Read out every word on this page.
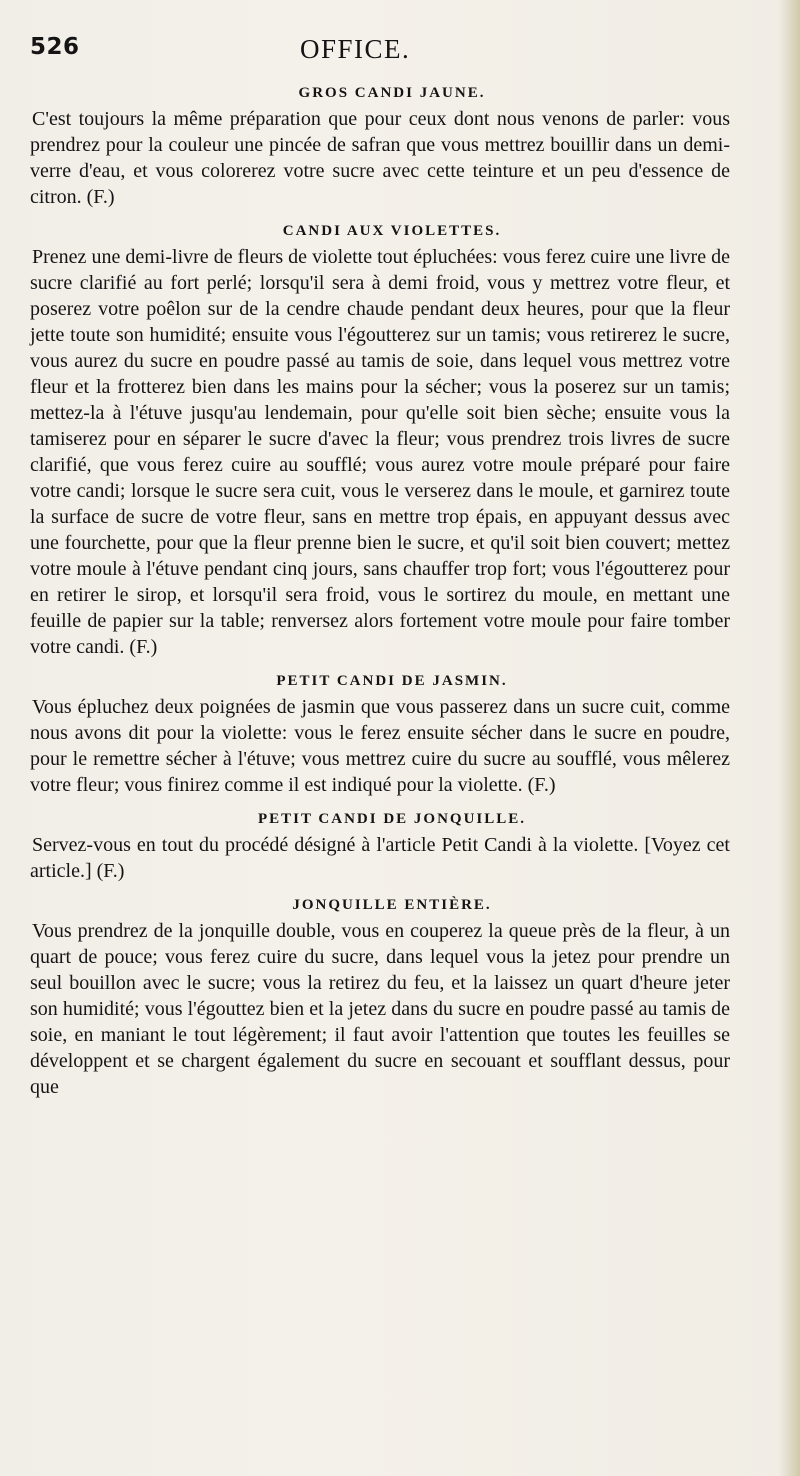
526	OFFICE.
GROS CANDI JAUNE.

C'est toujours la même préparation que pour ceux dont nous venons de parler: vous prendrez pour la couleur une pincée de safran que vous mettrez bouillir dans un demi-verre d'eau, et vous colorerez votre sucre avec cette teinture et un peu d'essence de citron. (F.)

CANDI AUX VIOLETTES.

Prenez une demi-livre de fleurs de violette tout épluchées: vous ferez cuire une livre de sucre clarifié au fort perlé; lorsqu'il sera à demi froid, vous y mettrez votre fleur, et poserez votre poêlon sur de la cendre chaude pendant deux heures, pour que la fleur jette toute son humidité; ensuite vous l'égoutterez sur un tamis; vous retirerez le sucre, vous aurez du sucre en poudre passé au tamis de soie, dans lequel vous mettrez votre fleur et la frotterez bien dans les mains pour la sécher; vous la poserez sur un tamis; mettez-la à l'étuve jusqu'au lendemain, pour qu'elle soit bien sèche; ensuite vous la tamiserez pour en séparer le sucre d'avec la fleur; vous prendrez trois livres de sucre clarifié, que vous ferez cuire au soufflé; vous aurez votre moule préparé pour faire votre candi; lorsque le sucre sera cuit, vous le verserez dans le moule, et garnirez toute la surface de sucre de votre fleur, sans en mettre trop épais, en appuyant dessus avec une fourchette, pour que la fleur prenne bien le sucre, et qu'il soit bien couvert; mettez votre moule à l'étuve pendant cinq jours, sans chauffer trop fort; vous l'égoutterez pour en retirer le sirop, et lorsqu'il sera froid, vous le sortirez du moule, en mettant une feuille de papier sur la table; renversez alors fortement votre moule pour faire tomber votre candi. (F.)

PETIT CANDI DE JASMIN.

Vous épluchez deux poignées de jasmin que vous passerez dans un sucre cuit, comme nous avons dit pour la violette: vous le ferez ensuite sécher dans le sucre en poudre, pour le remettre sécher à l'étuve; vous mettrez cuire du sucre au soufflé, vous mêlerez votre fleur; vous finirez comme il est indiqué pour la violette. (F.)

PETIT CANDI DE JONQUILLE.

Servez-vous en tout du procédé désigné à l'article Petit Candi à la violette. [Voyez cet article.] (F.)

JONQUILLE ENTIÈRE.

Vous prendrez de la jonquille double, vous en couperez la queue près de la fleur, à un quart de pouce; vous ferez cuire du sucre, dans lequel vous la jetez pour prendre un seul bouillon avec le sucre; vous la retirez du feu, et la laissez un quart d'heure jeter son humidité; vous l'égouttez bien et la jetez dans du sucre en poudre passé au tamis de soie, en maniant le tout légèrement; il faut avoir l'attention que toutes les feuilles se développent et se chargent également du sucre en secouant et soufflant dessus, pour que
